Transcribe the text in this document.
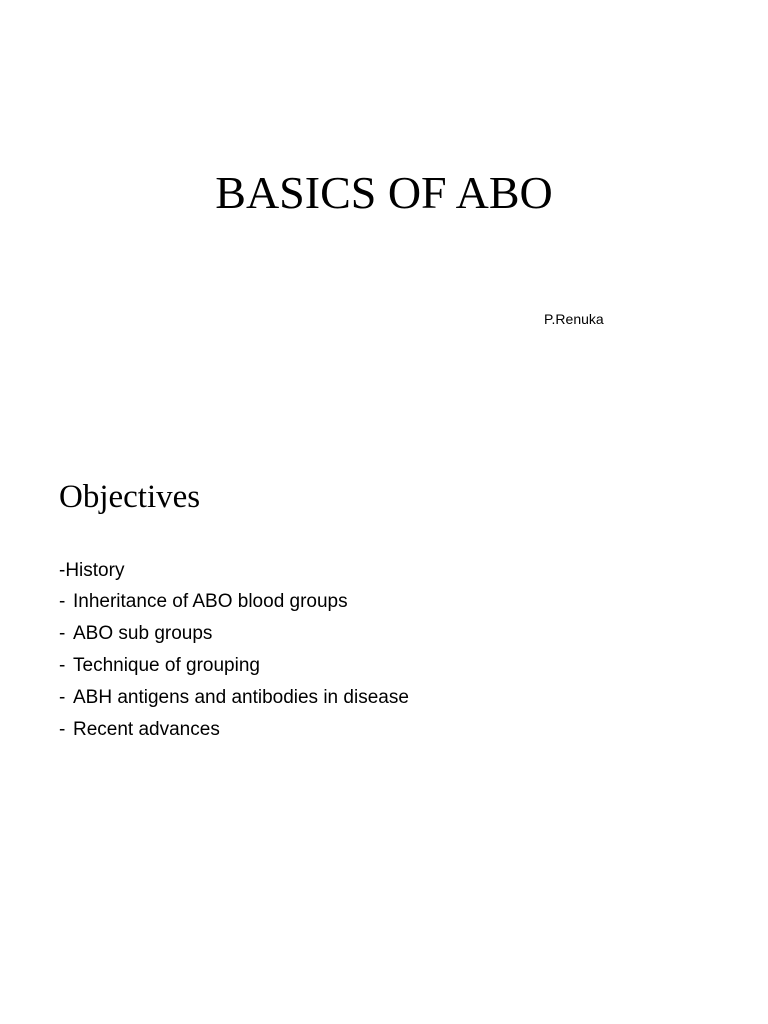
BASICS OF ABO

P.Renuka

Objectives

-History

- Inheritance of ABO blood groups
- ABO sub groups
- Technique of grouping
- ABH antigens and antibodies in disease
- Recent advances
